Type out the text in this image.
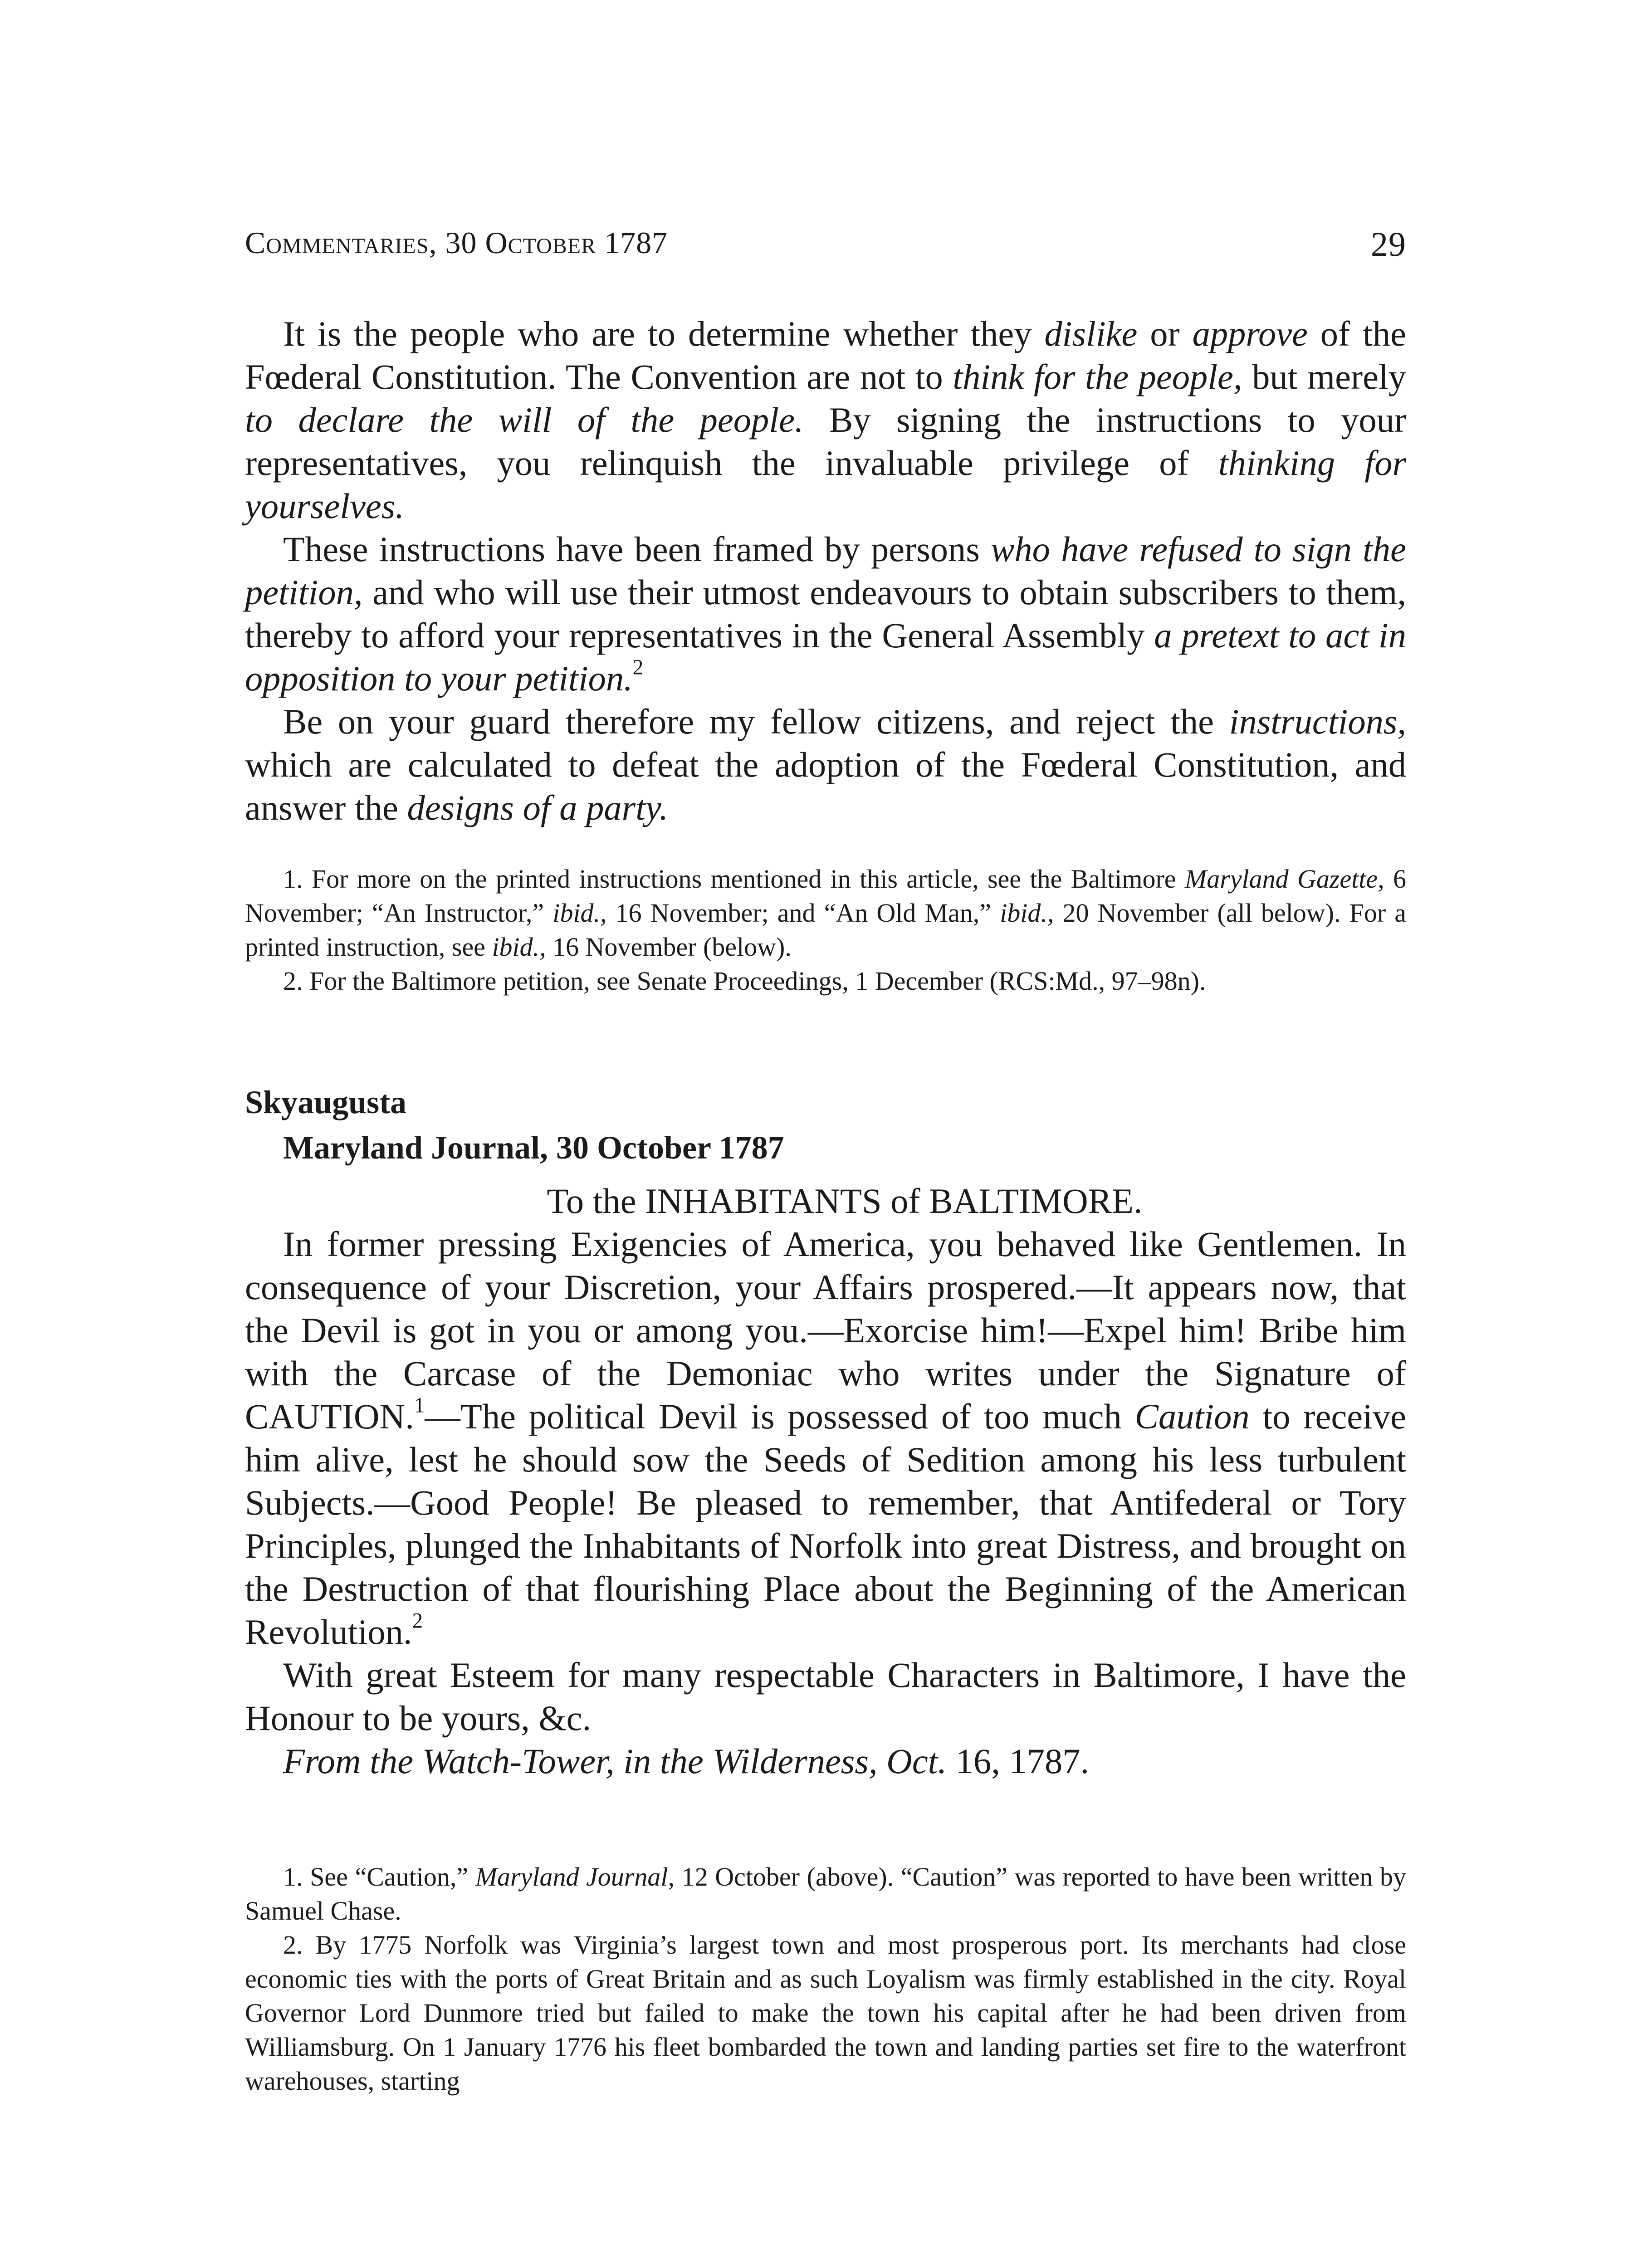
Commentaries, 30 October 1787	29

It is the people who are to determine whether they dislike or approve of the Fœderal Constitution. The Convention are not to think for the people, but merely to declare the will of the people. By signing the instructions to your representatives, you relinquish the invaluable privilege of thinking for yourselves.

These instructions have been framed by persons who have refused to sign the petition, and who will use their utmost endeavours to obtain subscribers to them, thereby to afford your representatives in the General Assembly a pretext to act in opposition to your petition.$^2$

Be on your guard therefore my fellow citizens, and reject the instructions, which are calculated to defeat the adoption of the Fœderal Constitution, and answer the designs of a party.

1. For more on the printed instructions mentioned in this article, see the Baltimore Maryland Gazette, 6 November; “An Instructor,” ibid., 16 November; and “An Old Man,” ibid., 20 November (all below). For a printed instruction, see ibid., 16 November (below).

2. For the Baltimore petition, see Senate Proceedings, 1 December (RCS:Md., 97–98n).

Skyaugusta
Maryland Journal, 30 October 1787

To the INHABITANTS of BALTIMORE.

In former pressing Exigencies of America, you behaved like Gentlemen. In consequence of your Discretion, your Affairs prospered.—It appears now, that the Devil is got in you or among you.—Exorcise him!—Expel him! Bribe him with the Carcase of the Demoniac who writes under the Signature of CAUTION.$^1$—The political Devil is possessed of too much Caution to receive him alive, lest he should sow the Seeds of Sedition among his less turbulent Subjects.—Good People! Be pleased to remember, that Antifederal or Tory Principles, plunged the Inhabitants of Norfolk into great Distress, and brought on the Destruction of that flourishing Place about the Beginning of the American Revolution.$^2$

With great Esteem for many respectable Characters in Baltimore, I have the Honour to be yours, &c.

From the Watch-Tower, in the Wilderness, Oct. 16, 1787.

1. See “Caution,” Maryland Journal, 12 October (above). “Caution” was reported to have been written by Samuel Chase.

2. By 1775 Norfolk was Virginia’s largest town and most prosperous port. Its merchants had close economic ties with the ports of Great Britain and as such Loyalism was firmly established in the city. Royal Governor Lord Dunmore tried but failed to make the town his capital after he had been driven from Williamsburg. On 1 January 1776 his fleet bombarded the town and landing parties set fire to the waterfront warehouses, starting
